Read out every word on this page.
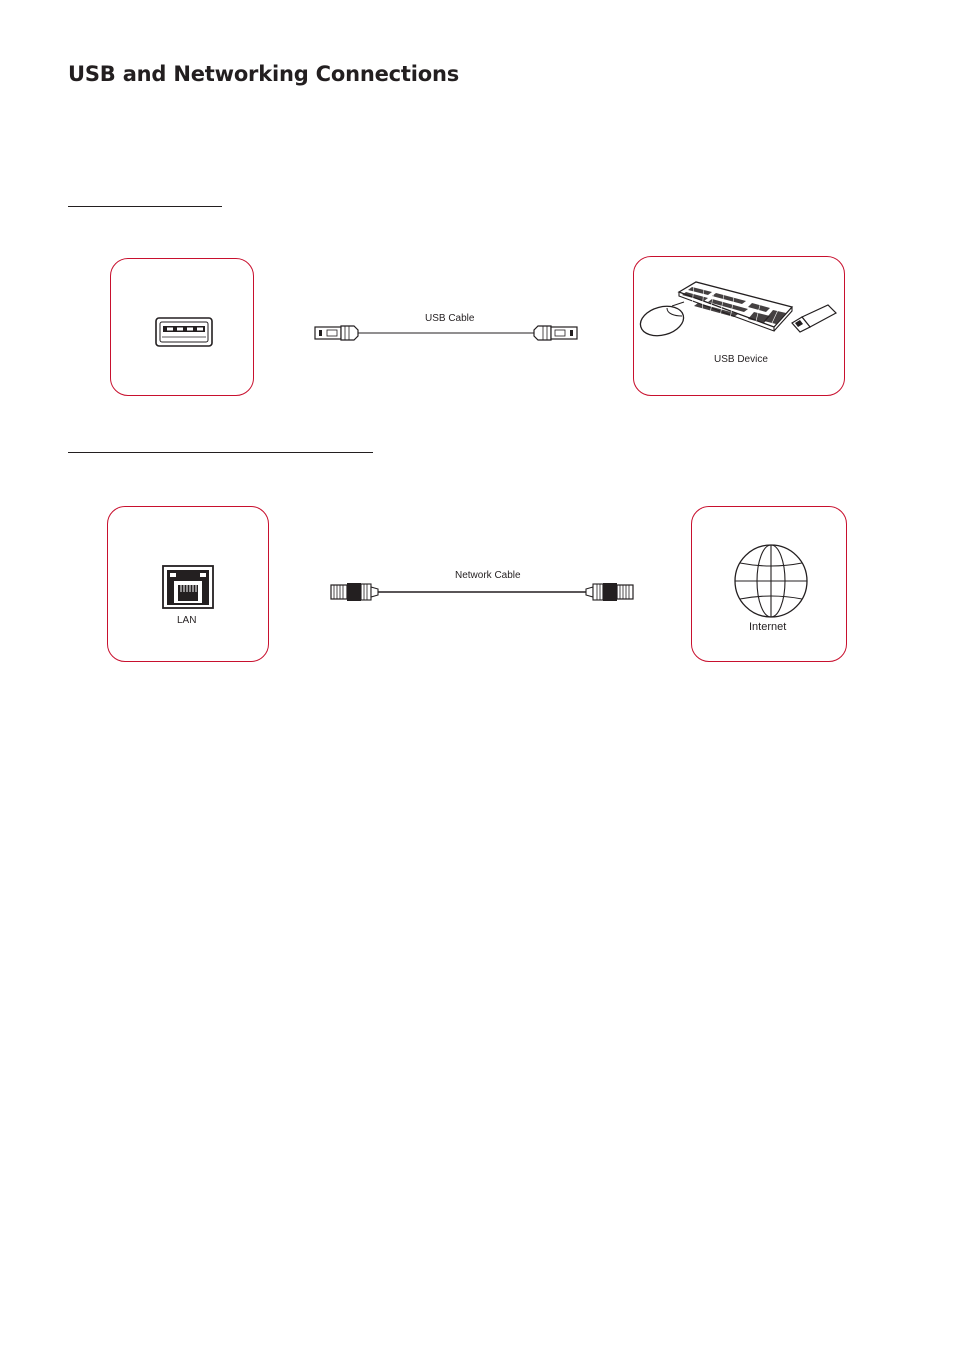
USB and Networking Connections
USB Cable
USB Device
LAN
Network Cable
Internet
